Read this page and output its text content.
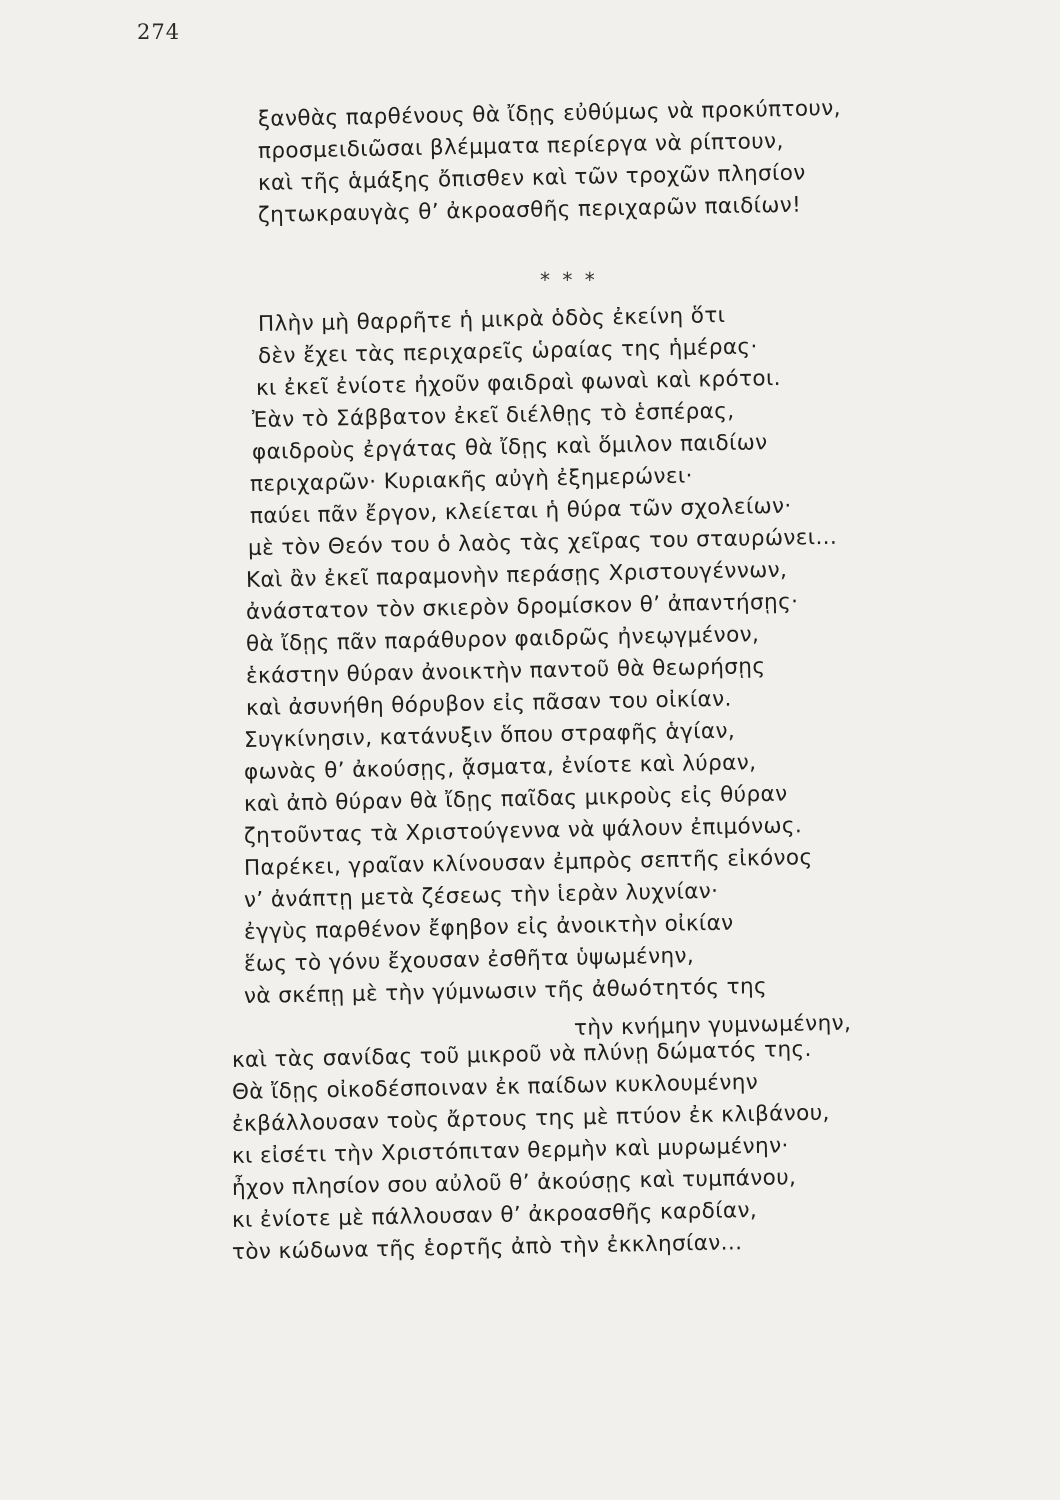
274
ξανθὰς παρθένους θὰ ἴδῃς εὐθύμως νὰ προκύπτουν,
προσμειδιῶσαι βλέμματα περίεργα νὰ ρίπτουν,
καὶ τῆς ἁμάξης ὄπισθεν καὶ τῶν τροχῶν πλησίον
ζητωκραυγὰς θ’ ἀκροασθῆς περιχαρῶν παιδίων!
* * *
Πλὴν μὴ θαρρῆτε ἡ μικρὰ ὁδὸς ἐκείνη ὅτι
δὲν ἔχει τὰς περιχαρεῖς ὡραίας της ἡμέρας·
κι ἐκεῖ ἐνίοτε ἠχοῦν φαιδραὶ φωναὶ καὶ κρότοι.
Ἐὰν τὸ Σάββατον ἐκεῖ διέλθῃς τὸ ἑσπέρας,
φαιδροὺς ἐργάτας θὰ ἴδῃς καὶ ὅμιλον παιδίων
περιχαρῶν· Κυριακῆς αὐγὴ ἐξημερώνει·
παύει πᾶν ἔργον, κλείεται ἡ θύρα τῶν σχολείων·
μὲ τὸν Θεόν του ὁ λαὸς τὰς χεῖρας του σταυρώνει...
Καὶ ἂν ἐκεῖ παραμονὴν περάσῃς Χριστουγέννων,
ἀνάστατον τὸν σκιερὸν δρομίσκον θ’ ἀπαντήσῃς·
θὰ ἴδῃς πᾶν παράθυρον φαιδρῶς ἠνεῳγμένον,
ἑκάστην θύραν ἀνοικτὴν παντοῦ θὰ θεωρήσῃς
καὶ ἀσυνήθη θόρυβον εἰς πᾶσαν του οἰκίαν.
Συγκίνησιν, κατάνυξιν ὅπου στραφῆς ἁγίαν,
φωνὰς θ’ ἀκούσῃς, ᾄσματα, ἐνίοτε καὶ λύραν,
καὶ ἀπὸ θύραν θὰ ἴδῃς παῖδας μικροὺς εἰς θύραν
ζητοῦντας τὰ Χριστούγεννα νὰ ψάλουν ἐπιμόνως.
Παρέκει, γραῖαν κλίνουσαν ἐμπρὸς σεπτῆς εἰκόνος
ν’ ἀνάπτῃ μετὰ ζέσεως τὴν ἱερὰν λυχνίαν·
ἐγγὺς παρθένον ἔφηβον εἰς ἀνοικτὴν οἰκίαν
ἕως τὸ γόνυ ἔχουσαν ἐσθῆτα ὑψωμένην,
νὰ σκέπῃ μὲ τὴν γύμνωσιν τῆς ἀθωότητός της
τὴν κνήμην γυμνωμένην,
καὶ τὰς σανίδας τοῦ μικροῦ νὰ πλύνῃ δώματός της.
Θὰ ἴδῃς οἰκοδέσποιναν ἐκ παίδων κυκλουμένην
ἐκβάλλουσαν τοὺς ἄρτους της μὲ πτύον ἐκ κλιβάνου,
κι εἰσέτι τὴν Χριστόπιταν θερμὴν καὶ μυρωμένην·
ἦχον πλησίον σου αὐλοῦ θ’ ἀκούσῃς καὶ τυμπάνου,
κι ἐνίοτε μὲ πάλλουσαν θ’ ἀκροασθῆς καρδίαν,
τὸν κώδωνα τῆς ἑορτῆς ἀπὸ τὴν ἐκκλησίαν...
